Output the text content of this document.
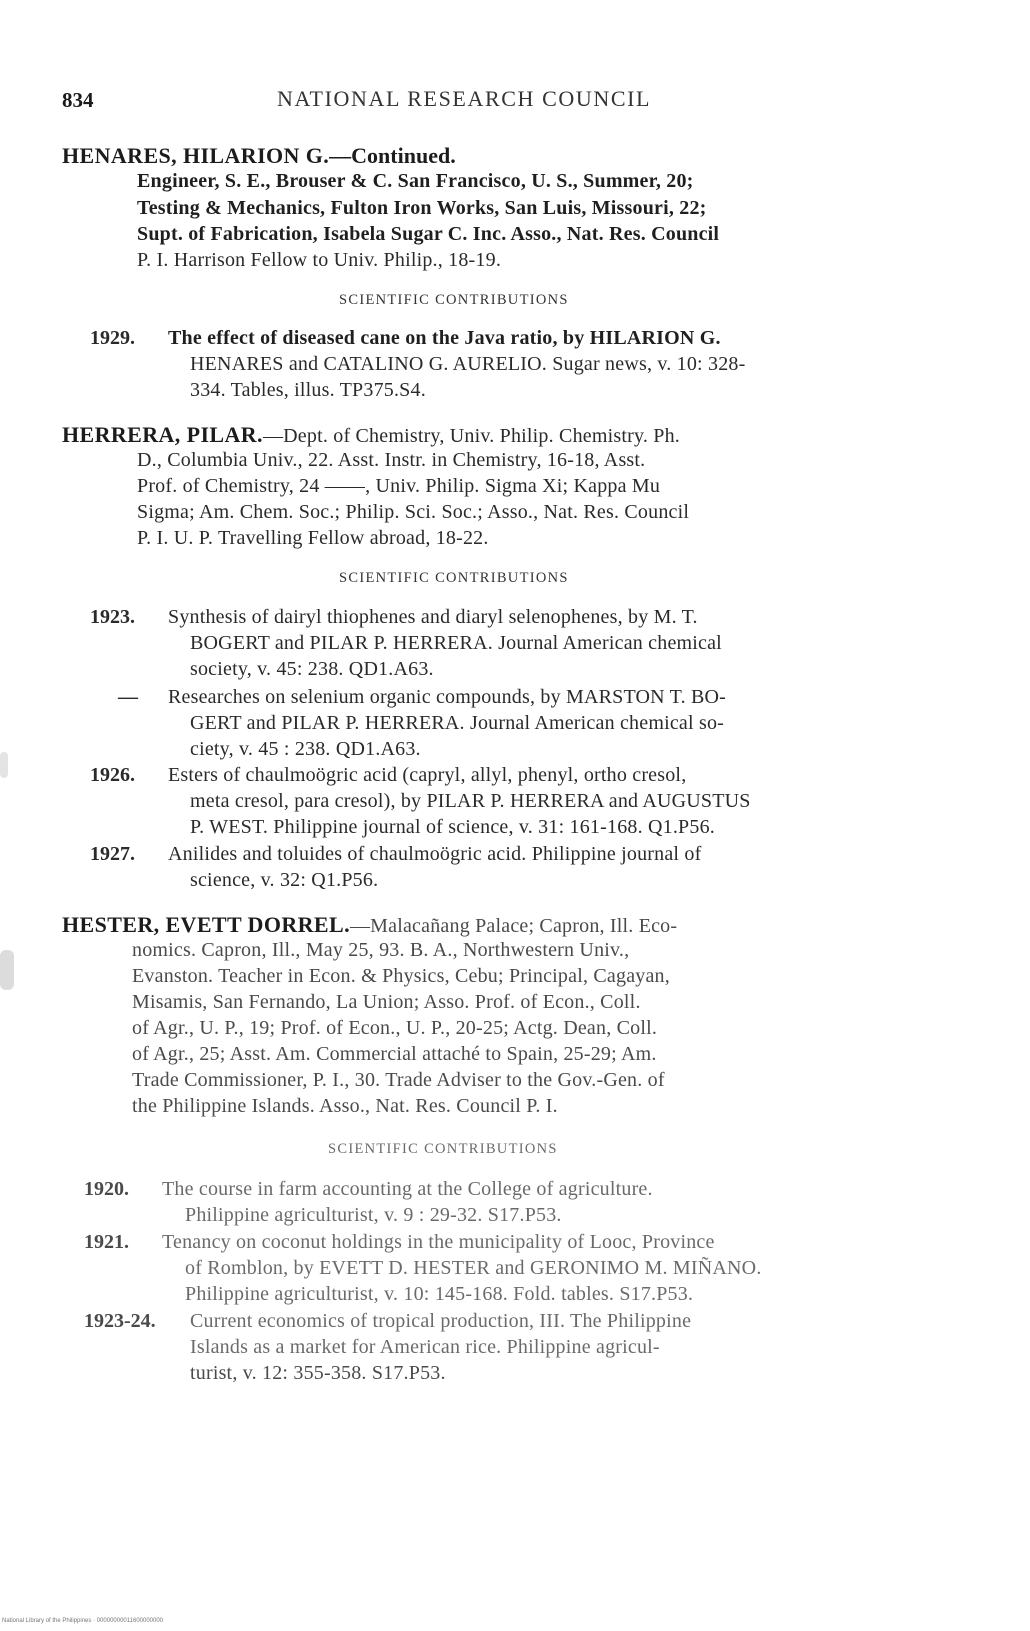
834	NATIONAL RESEARCH COUNCIL
HENARES, HILARION G.—Continued.
Engineer, S. E., Brouser & C. San Francisco, U. S., Summer, 20;
Testing & Mechanics, Fulton Iron Works, San Luis, Missouri, 22;
Supt. of Fabrication, Isabela Sugar C. Inc. Asso., Nat. Res. Council
P. I. Harrison Fellow to Univ. Philip., 18-19.
SCIENTIFIC CONTRIBUTIONS
1929. The effect of diseased cane on the Java ratio, by HILARION G.
HENARES and CATALINO G. AURELIO. Sugar news, v. 10: 328-
334. Tables, illus. TP375.S4.
HERRERA, PILAR.—Dept. of Chemistry, Univ. Philip. Chemistry. Ph.
D., Columbia Univ., 22. Asst. Instr. in Chemistry, 16-18, Asst.
Prof. of Chemistry, 24 ——, Univ. Philip. Sigma Xi; Kappa Mu
Sigma; Am. Chem. Soc.; Philip. Sci. Soc.; Asso., Nat. Res. Council
P. I. U. P. Travelling Fellow abroad, 18-22.
SCIENTIFIC CONTRIBUTIONS
1923. Synthesis of dairyl thiophenes and diaryl selenophenes, by M. T.
BOGERT and PILAR P. HERRERA. Journal American chemical
society, v. 45: 238. QD1.A63.
— Researches on selenium organic compounds, by MARSTON T. BO-
GERT and PILAR P. HERRERA. Journal American chemical so-
ciety, v. 45 : 238. QD1.A63.
1926. Esters of chaulmoögric acid (capryl, allyl, phenyl, ortho cresol,
meta cresol, para cresol), by PILAR P. HERRERA and AUGUSTUS
P. WEST. Philippine journal of science, v. 31: 161-168. Q1.P56.
1927. Anilides and toluides of chaulmoögric acid. Philippine journal of
science, v. 32: Q1.P56.
HESTER, EVETT DORREL.—Malacañang Palace; Capron, Ill. Eco-
nomics. Capron, Ill., May 25, 93. B. A., Northwestern Univ.,
Evanston. Teacher in Econ. & Physics, Cebu; Principal, Cagayan,
Misamis, San Fernando, La Union; Asso. Prof. of Econ., Coll.
of Agr., U. P., 19; Prof. of Econ., U. P., 20-25; Actg. Dean, Coll.
of Agr., 25; Asst. Am. Commercial attaché to Spain, 25-29; Am.
Trade Commissioner, P. I., 30. Trade Adviser to the Gov.-Gen. of
the Philippine Islands. Asso., Nat. Res. Council P. I.
SCIENTIFIC CONTRIBUTIONS
1920. The course in farm accounting at the College of agriculture.
Philippine agriculturist, v. 9 : 29-32. S17.P53.
1921. Tenancy on coconut holdings in the municipality of Looc, Province
of Romblon, by EVETT D. HESTER and GERONIMO M. MIÑANO.
Philippine agriculturist, v. 10: 145-168. Fold. tables. S17.P53.
1923-24. Current economics of tropical production, III. The Philippine
Islands as a market for American rice. Philippine agricul-
turist, v. 12: 355-358. S17.P53.
National Library of the Philippines · 00000000011600000000
